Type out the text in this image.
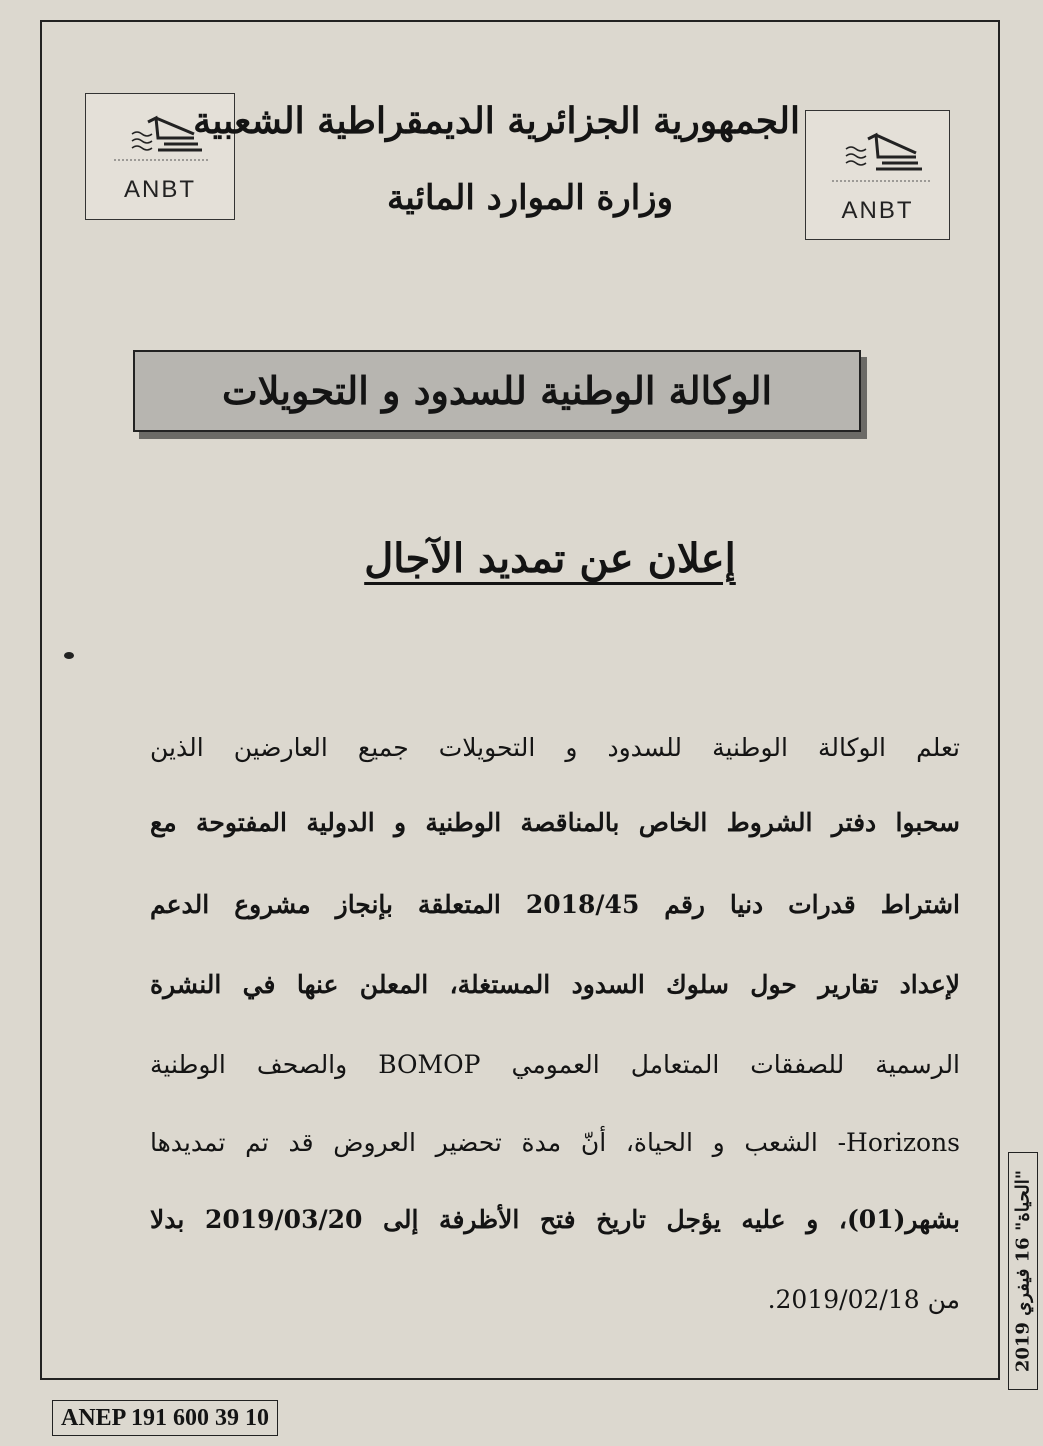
ANBT
ANBT
الجمهورية الجزائرية الديمقراطية الشعبية
وزارة الموارد المائية
الوكالة الوطنية للسدود و التحويلات
إعلان عن تمديد الآجال

تعلم الوكالة الوطنية للسدود و التحويلات جميع العارضين الذين
سحبوا دفتر الشروط الخاص بالمناقصة الوطنية و الدولية المفتوحة مع
اشتراط قدرات دنيا رقم 2018/45 المتعلقة بإنجاز مشروع الدعم
لإعداد تقارير حول سلوك السدود المستغلة، المعلن عنها في النشرة
الرسمية للصفقات المتعامل العمومي BOMOP والصحف الوطنية
Horizons- الشعب و الحياة، أنّ مدة تحضير العروض قد تم تمديدها
بشهر(01)، و عليه يؤجل تاريخ فتح الأظرفة إلى 2019/03/20 بدلا
من 2019/02/18.
"الحياة" 16 فيفري 2019
ANEP 191 600 39 10
